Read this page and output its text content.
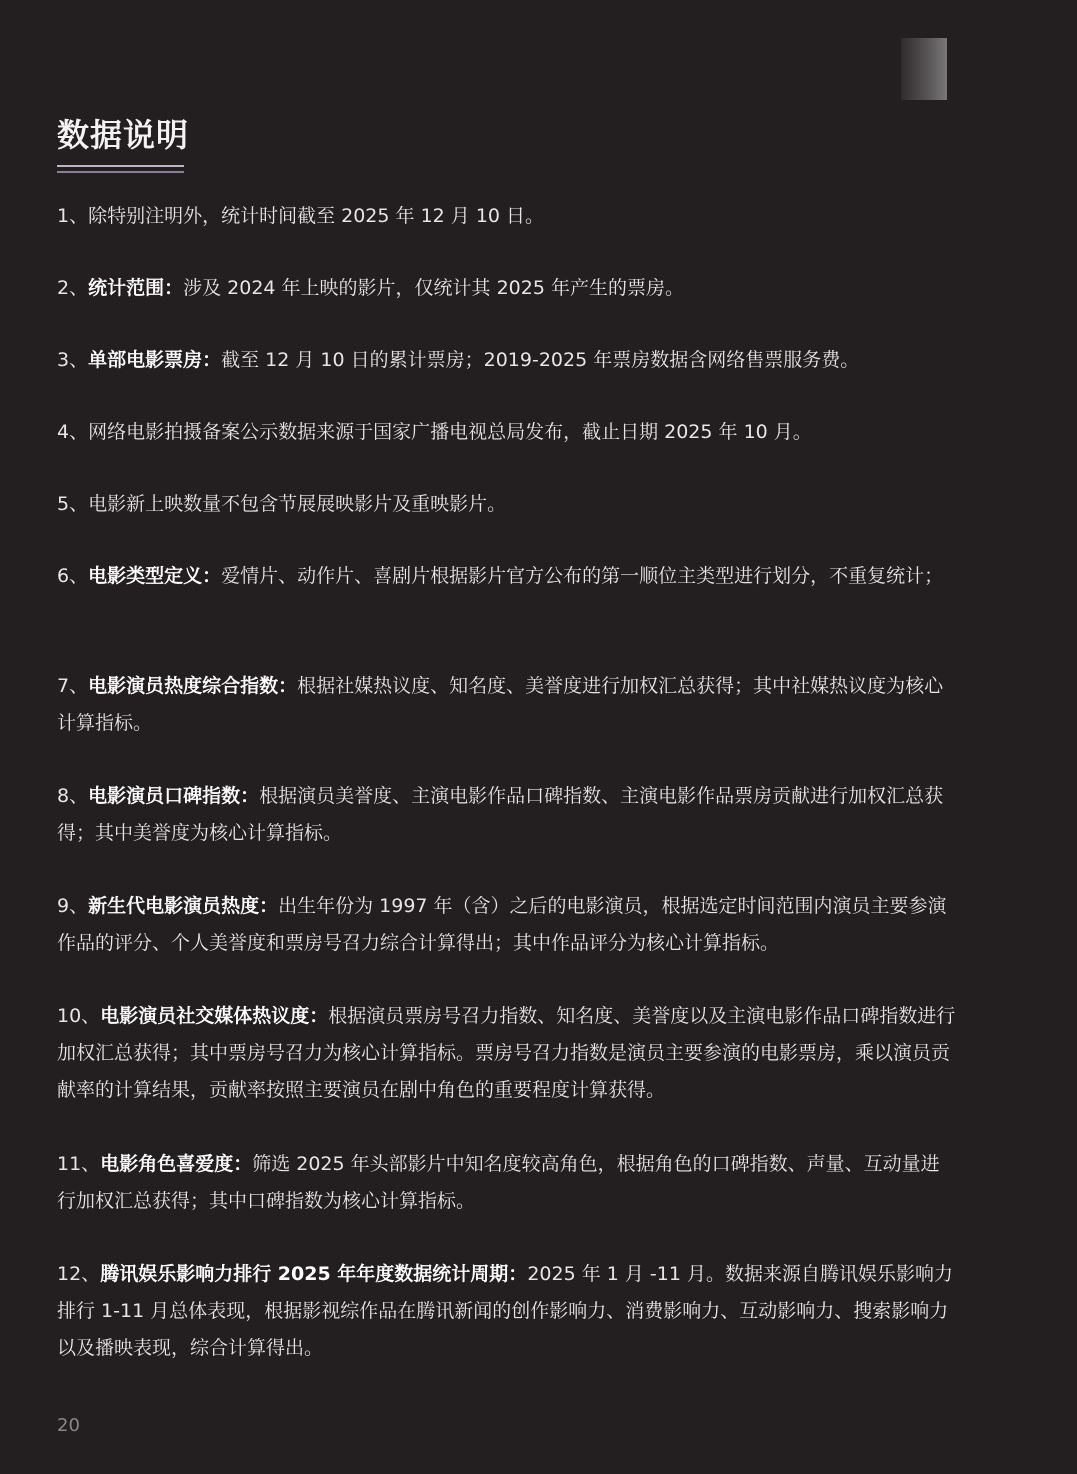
数据说明

1、除特别注明外，统计时间截至 2025 年 12 月 10 日。

2、统计范围：涉及 2024 年上映的影片，仅统计其 2025 年产生的票房。

3、单部电影票房：截至 12 月 10 日的累计票房；2019-2025 年票房数据含网络售票服务费。

4、网络电影拍摄备案公示数据来源于国家广播电视总局发布，截止日期 2025 年 10 月。

5、电影新上映数量不包含节展展映影片及重映影片。

6、电影类型定义：爱情片、动作片、喜剧片根据影片官方公布的第一顺位主类型进行划分，不重复统计；

7、电影演员热度综合指数：根据社媒热议度、知名度、美誉度进行加权汇总获得；其中社媒热议度为核心计算指标。

8、电影演员口碑指数：根据演员美誉度、主演电影作品口碑指数、主演电影作品票房贡献进行加权汇总获得；其中美誉度为核心计算指标。

9、新生代电影演员热度：出生年份为 1997 年（含）之后的电影演员，根据选定时间范围内演员主要参演作品的评分、个人美誉度和票房号召力综合计算得出；其中作品评分为核心计算指标。

10、电影演员社交媒体热议度：根据演员票房号召力指数、知名度、美誉度以及主演电影作品口碑指数进行加权汇总获得；其中票房号召力为核心计算指标。票房号召力指数是演员主要参演的电影票房，乘以演员贡献率的计算结果，贡献率按照主要演员在剧中角色的重要程度计算获得。

11、电影角色喜爱度：筛选 2025 年头部影片中知名度较高角色，根据角色的口碑指数、声量、互动量进行加权汇总获得；其中口碑指数为核心计算指标。

12、腾讯娱乐影响力排行 2025 年年度数据统计周期：2025 年 1 月 -11 月。数据来源自腾讯娱乐影响力排行 1-11 月总体表现，根据影视综作品在腾讯新闻的创作影响力、消费影响力、互动影响力、搜索影响力以及播映表现，综合计算得出。

20
